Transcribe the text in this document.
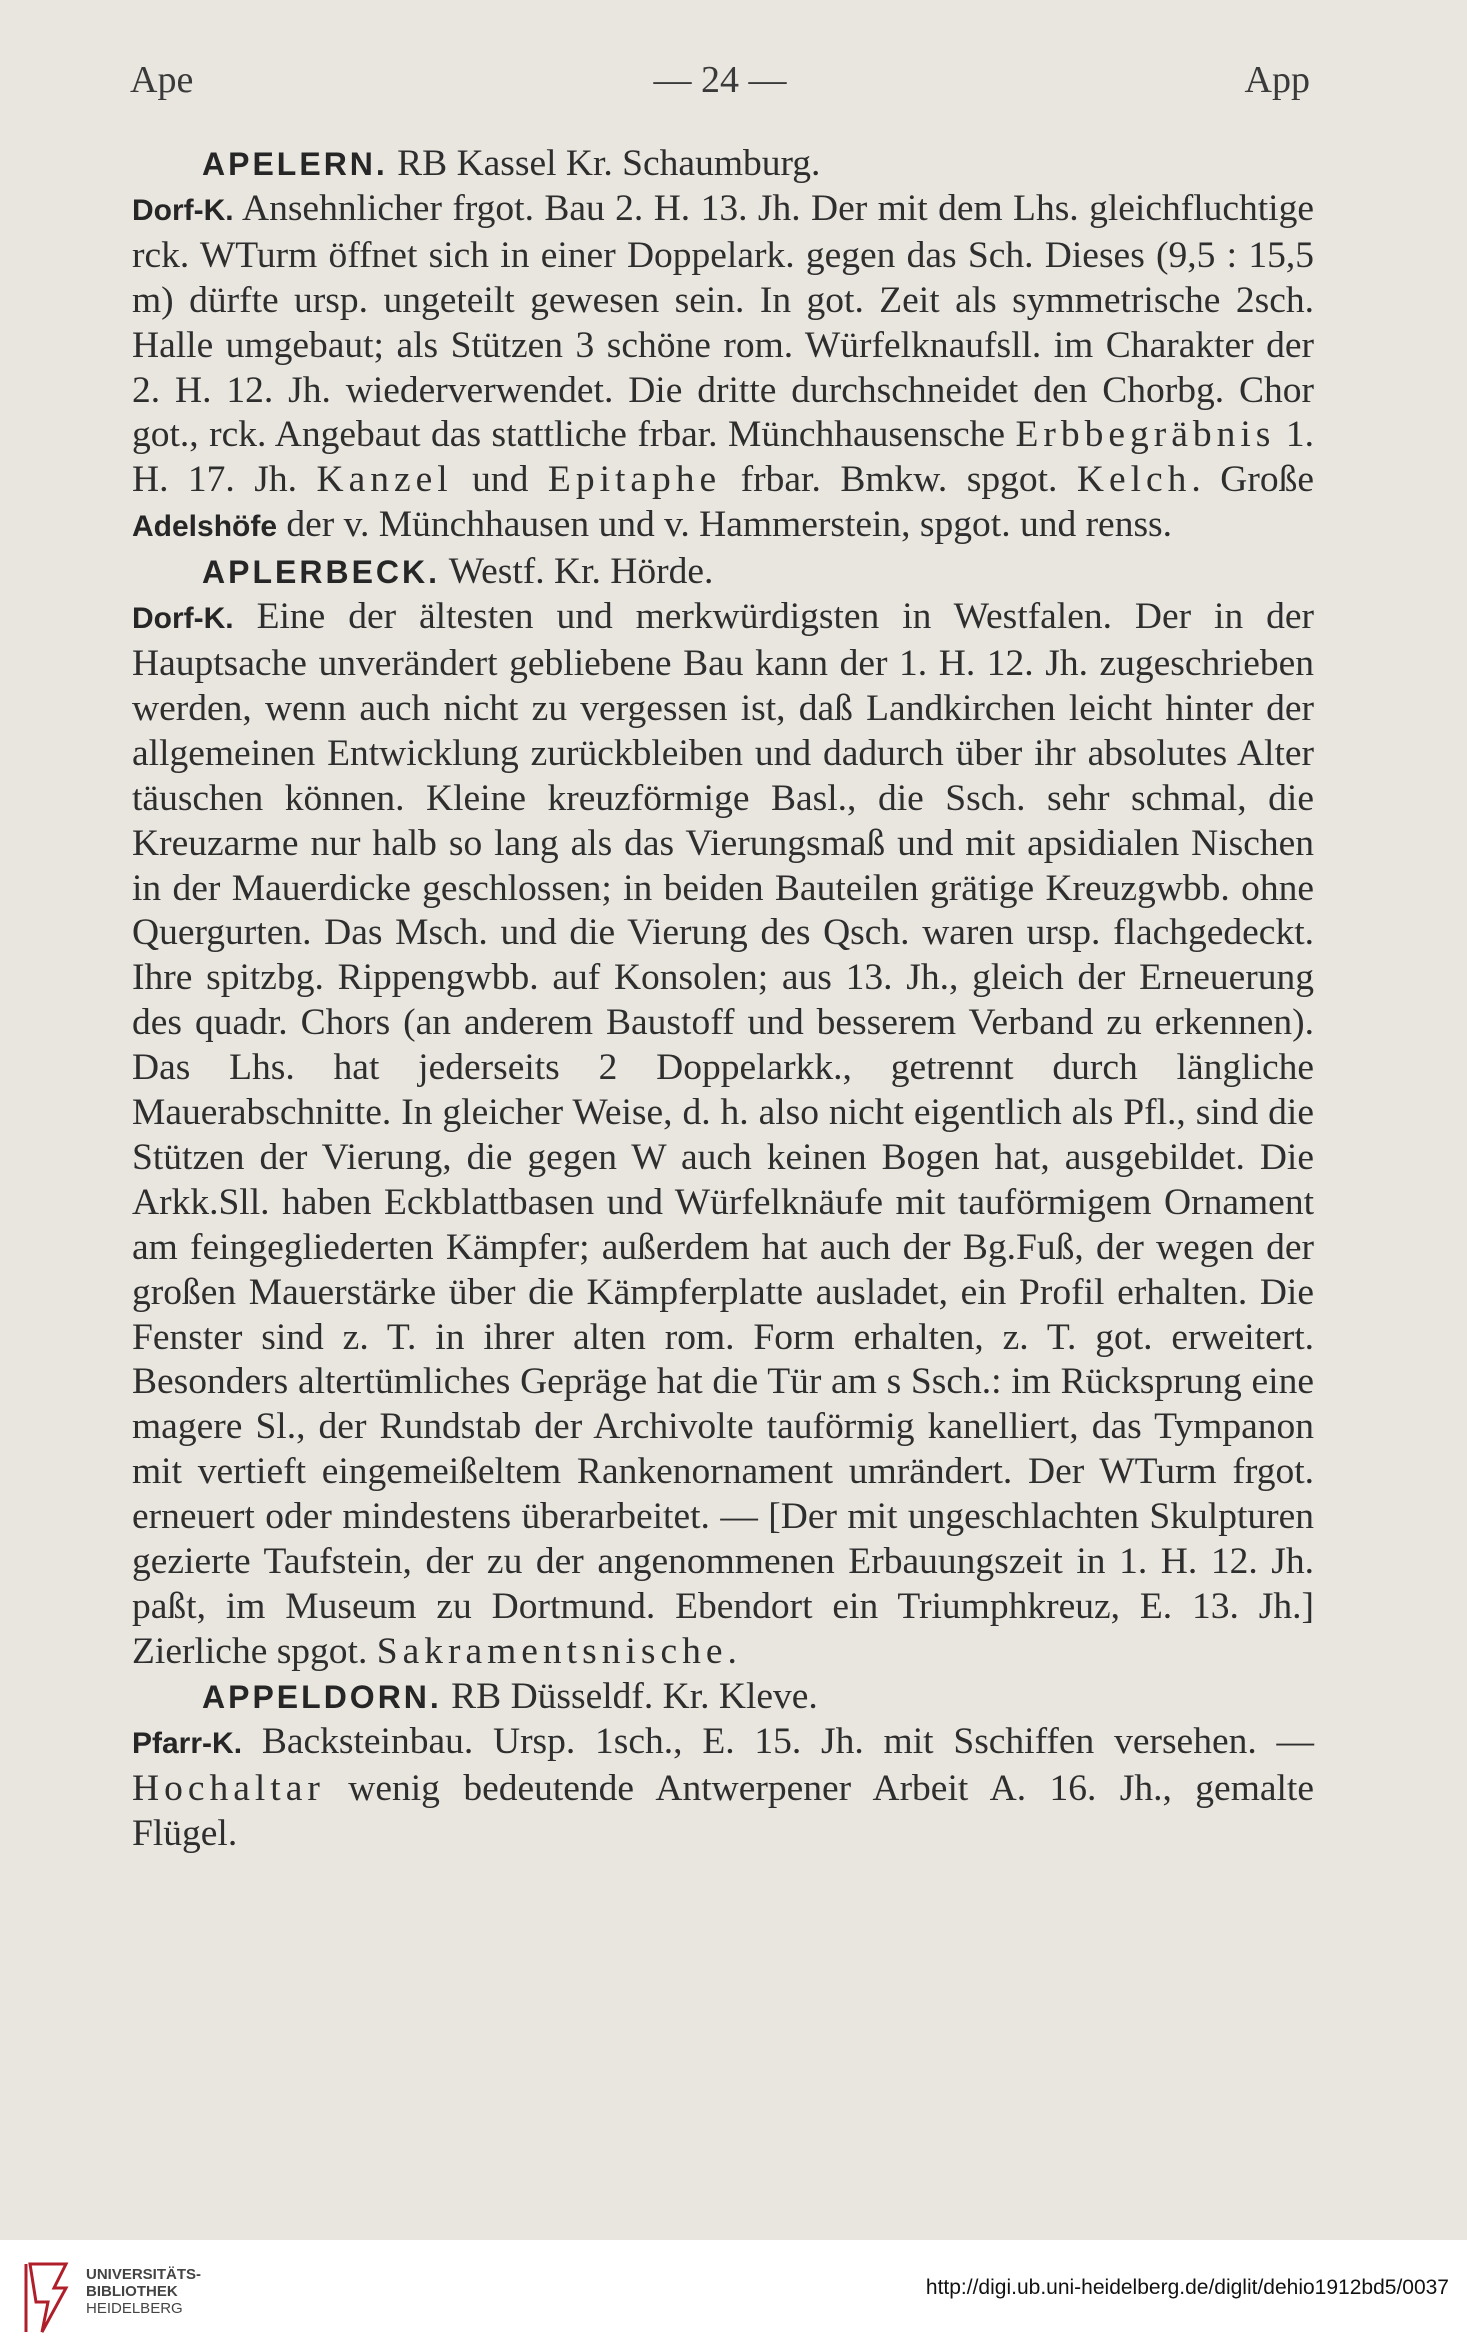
Ape	— 24 —	App

APELERN. RB Kassel Kr. Schaumburg.
Dorf-K. Ansehnlicher frgot. Bau 2. H. 13. Jh. Der mit dem Lhs. gleichfluchtige rck. WTurm öffnet sich in einer Doppelark. gegen das Sch. Dieses (9,5 : 15,5 m) dürfte ursp. ungeteilt gewesen sein. In got. Zeit als symmetrische 2sch. Halle umgebaut; als Stützen 3 schöne rom. Würfelknaufsll. im Charakter der 2. H. 12. Jh. wiederverwendet. Die dritte durchschneidet den Chorbg. Chor got., rck. Angebaut das stattliche frbar. Münchhausensche Erbbegräbnis 1. H. 17. Jh. Kanzel und Epitaphe frbar. Bmkw. spgot. Kelch. Große Adelshöfe der v. Münchhausen und v. Hammerstein, spgot. und renss.

APLERBECK. Westf. Kr. Hörde.
Dorf-K. Eine der ältesten und merkwürdigsten in Westfalen. Der in der Hauptsache unverändert gebliebene Bau kann der 1. H. 12. Jh. zugeschrieben werden, wenn auch nicht zu vergessen ist, daß Landkirchen leicht hinter der allgemeinen Entwicklung zurückbleiben und dadurch über ihr absolutes Alter täuschen können. Kleine kreuzförmige Basl., die Ssch. sehr schmal, die Kreuzarme nur halb so lang als das Vierungsmaß und mit apsidialen Nischen in der Mauerdicke geschlossen; in beiden Bauteilen grätige Kreuzgwbb. ohne Quergurten. Das Msch. und die Vierung des Qsch. waren ursp. flachgedeckt. Ihre spitzbg. Rippengwbb. auf Konsolen; aus 13. Jh., gleich der Erneuerung des quadr. Chors (an anderem Baustoff und besserem Verband zu erkennen). Das Lhs. hat jederseits 2 Doppelarkk., getrennt durch längliche Mauerabschnitte. In gleicher Weise, d. h. also nicht eigentlich als Pfl., sind die Stützen der Vierung, die gegen W auch keinen Bogen hat, ausgebildet. Die Arkk.Sll. haben Eckblattbasen und Würfelknäufe mit tauförmigem Ornament am feingegliederten Kämpfer; außerdem hat auch der Bg.Fuß, der wegen der großen Mauerstärke über die Kämpferplatte ausladet, ein Profil erhalten. Die Fenster sind z. T. in ihrer alten rom. Form erhalten, z. T. got. erweitert. Besonders altertümliches Gepräge hat die Tür am s Ssch.: im Rücksprung eine magere Sl., der Rundstab der Archivolte tauförmig kanelliert, das Tympanon mit vertieft eingemeißeltem Rankenornament umrändert. Der WTurm frgot. erneuert oder mindestens überarbeitet. — [Der mit ungeschlachten Skulpturen gezierte Taufstein, der zu der angenommenen Erbauungszeit in 1. H. 12. Jh. paßt, im Museum zu Dortmund. Ebendort ein Triumphkreuz, E. 13. Jh.] Zierliche spgot. Sakramentsnische.

APPELDORN. RB Düsseldf. Kr. Kleve.
Pfarr-K. Backsteinbau. Ursp. 1sch., E. 15. Jh. mit Sschiffen versehen. — Hochaltar wenig bedeutende Antwerpener Arbeit A. 16. Jh., gemalte Flügel.

UNIVERSITÄTS-
BIBLIOTHEK
HEIDELBERG
http://digi.ub.uni-heidelberg.de/diglit/dehio1912bd5/0037
